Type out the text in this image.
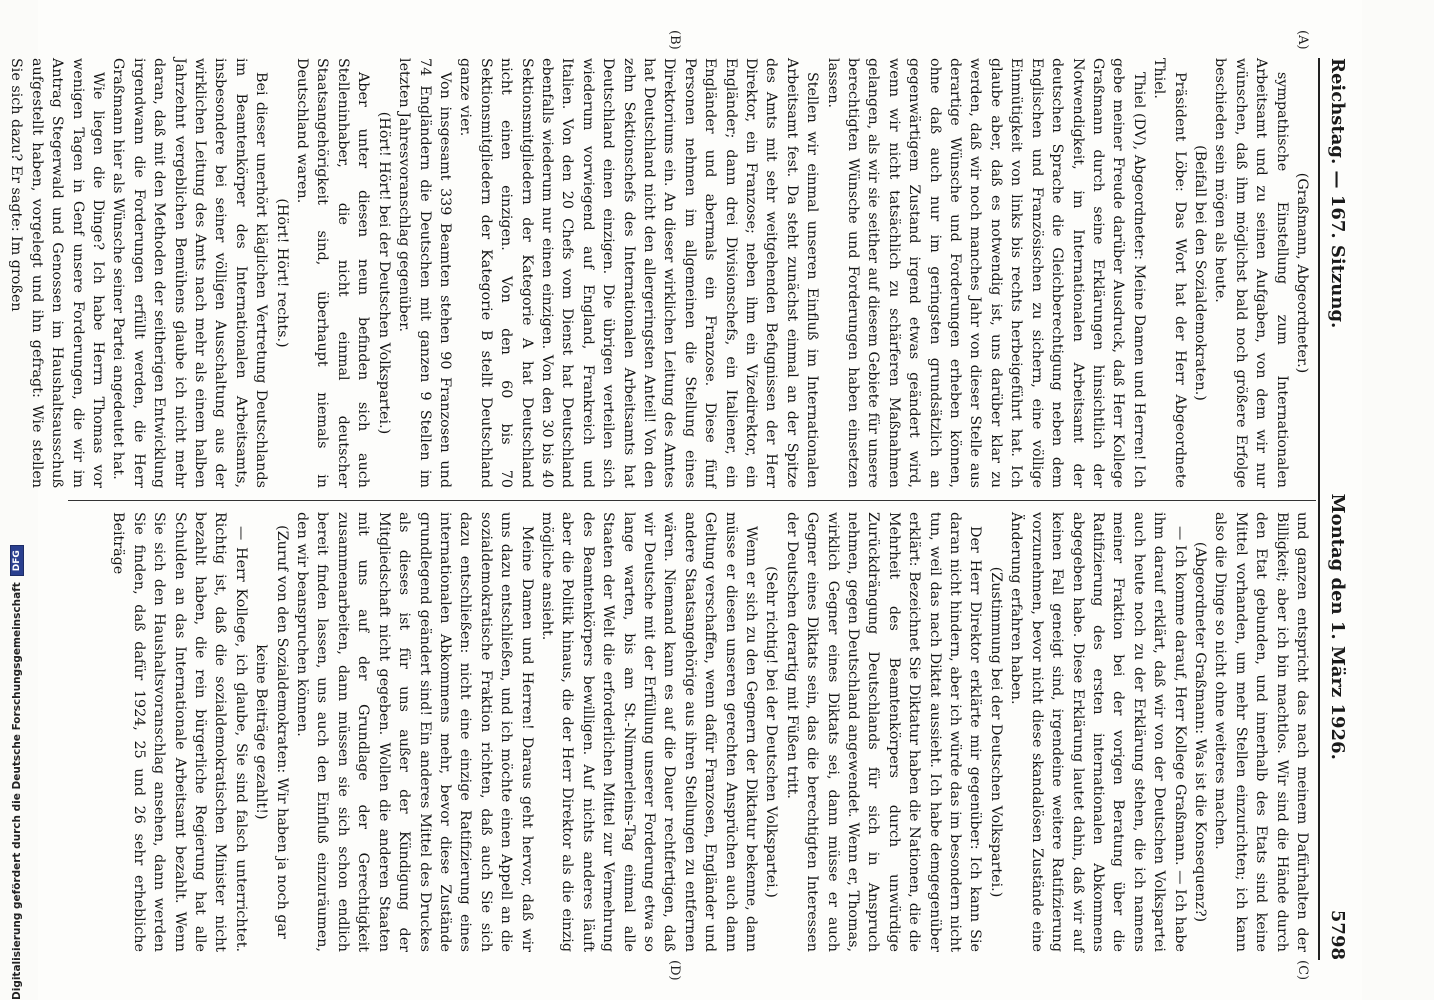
Reichstag. — 167. Sitzung.
Montag den 1. März 1926.5798
(A)
(B)
(C)
(D)

(Graßmann, Abgeordneter.)

sympathische Einstellung zum Internationalen Arbeitsamt und zu seinen Aufgaben, von dem wir nur wünschen, daß ihm möglichst bald noch größere Erfolge beschieden sein mögen als heute.

(Beifall bei den Sozialdemokraten.)

Präsident Löbe: Das Wort hat der Herr Abgeordnete Thiel.

Thiel (DV), Abgeordneter: Meine Damen und Herren! Ich gebe meiner Freude darüber Ausdruck, daß Herr Kollege Graßmann durch seine Erklärungen hinsichtlich der Notwendigkeit, im Internationalen Arbeitsamt der deutschen Sprache die Gleichberechtigung neben dem Englischen und Französischen zu sichern, eine völlige Einmütigkeit von links bis rechts herbeigeführt hat. Ich glaube aber, daß es notwendig ist, uns darüber klar zu werden, daß wir noch manches Jahr von dieser Stelle aus derartige Wünsche und Forderungen erheben können, ohne daß auch nur im geringsten grundsätzlich an gegenwärtigem Zustand irgend etwas geändert wird, wenn wir nicht tatsächlich zu schärferen Maßnahmen gelangen, als wir sie seither auf diesem Gebiete für unsere berechtigten Wünsche und Forderungen haben einsetzen lassen.

Stellen wir einmal unseren Einfluß im Internationalen Arbeitsamt fest. Da steht zunächst einmal an der Spitze des Amts mit sehr weitgehenden Befugnissen der Herr Direktor, ein Franzose; neben ihm ein Vizedirektor, ein Engländer; dann drei Divisionschefs, ein Italiener, ein Engländer und abermals ein Franzose. Diese fünf Personen nehmen im allgemeinen die Stellung eines Direktoriums ein. An dieser wirklichen Leitung des Amtes hat Deutschland nicht den allergeringsten Anteil! Von den zehn Sektionschefs des Internationalen Arbeitsamts hat Deutschland einen einzigen. Die übrigen verteilen sich wiederum vorwiegend auf England, Frankreich und Italien. Von den 20 Chefs vom Dienst hat Deutschland ebenfalls wiederum nur einen einzigen. Von den 30 bis 40 Sektionsmitgliedern der Kategorie A hat Deutschland nicht einen einzigen. Von den 60 bis 70 Sektionsmitgliedern der Kategorie B stellt Deutschland ganze vier.

Von insgesamt 339 Beamten stehen 90 Franzosen und 74 Engländern die Deutschen mit ganzen 9 Stellen im letzten Jahresvoranschlag gegenüber.

(Hört! Hört! bei der Deutschen Volkspartei.)

Aber unter diesen neun befinden sich auch Stelleninhaber, die nicht einmal deutscher Staatsangehörigkeit sind, überhaupt niemals in Deutschland waren.

(Hört! Hört! rechts.)

Bei dieser unerhört kläglichen Vertretung Deutschlands im Beamtenkörper des Internationalen Arbeitsamts, insbesondere bei seiner völligen Ausschaltung aus der wirklichen Leitung des Amts nach mehr als einem halben Jahrzehnt vergeblichen Bemühens glaube ich nicht mehr daran, daß mit den Methoden der seitherigen Entwicklung irgendwann die Forderungen erfüllt werden, die Herr Graßmann hier als Wünsche seiner Partei angedeutet hat.

Wie liegen die Dinge? Ich habe Herrn Thomas vor wenigen Tagen in Genf unsere Forderungen, die wir im Antrag Stegerwald und Genossen im Haushaltsausschuß aufgestellt haben, vorgelegt und ihn gefragt: Wie stellen Sie sich dazu? Er sagte: Im großen

und ganzen entspricht das nach meinem Dafürhalten der Billigkeit; aber ich bin machtlos. Wir sind die Hände durch den Etat gebunden, und innerhalb des Etats sind keine Mittel vorhanden, um mehr Stellen einzurichten; ich kann also die Dinge so nicht ohne weiteres machen.

(Abgeordneter Graßmann: Was ist die Konsequenz?)

— Ich komme darauf, Herr Kollege Graßmann. — Ich habe ihm darauf erklärt, daß wir von der Deutschen Volkspartei auch heute noch zu der Erklärung stehen, die ich namens meiner Fraktion bei der vorigen Beratung über die Ratifizierung des ersten internationalen Abkommens abgegeben habe. Diese Erklärung lautet dahin, daß wir auf keinen Fall geneigt sind, irgendeine weitere Ratifizierung vorzunehmen, bevor nicht diese skandalösen Zustände eine Änderung erfahren haben.

(Zustimmung bei der Deutschen Volkspartei.)

Der Herr Direktor erklärte mir gegenüber: Ich kann Sie daran nicht hindern, aber ich würde das im besondern nicht tun, weil das nach Diktat aussieht. Ich habe demgegenüber erklärt: Bezeichnet Sie Diktatur haben die Nationen, die die Mehrheit des Beamtenkörpers durch unwürdige Zurückdrängung Deutschlands für sich in Anspruch nehmen, gegen Deutschland angewendet. Wenn er, Thomas, wirklich Gegner eines Diktats sei, dann müsse er auch Gegner eines Diktats sein, das die berechtigten Interessen der Deutschen derartig mit Füßen tritt.

(Sehr richtig! bei der Deutschen Volkspartei.)

Wenn er sich zu den Gegnern der Diktatur bekenne, dann müsse er diesen unseren gerechten Ansprüchen auch dann Geltung verschaffen, wenn dafür Franzosen, Engländer und andere Staatsangehörige aus ihren Stellungen zu entfernen wären. Niemand kann es auf die Dauer rechtfertigen, daß wir Deutsche mit der Erfüllung unserer Forderung etwa so lange warten, bis am St.-Nimmerleins-Tag einmal alle Staaten der Welt die erforderlichen Mittel zur Vermehrung des Beamtenkörpers bewilligen. Auf nichts anderes läuft aber die Politik hinaus, die der Herr Direktor als die einzig mögliche ansieht.

Meine Damen und Herren! Daraus geht hervor, daß wir uns dazu entschließen, und ich möchte einen Appell an die sozialdemokratische Fraktion richten, daß auch Sie sich dazu entschließen: nicht eine einzige Ratifizierung eines internationalen Abkommens mehr, bevor diese Zustände grundlegend geändert sind! Ein anderes Mittel des Druckes als dieses ist für uns außer der Kündigung der Mitgliedschaft nicht gegeben. Wollen die anderen Staaten mit uns auf der Grundlage der Gerechtigkeit zusammenarbeiten, dann müssen sie sich schon endlich bereit finden lassen, uns auch den Einfluß einzuräumen, den wir beanspruchen können.

(Zuruf von den Sozialdemokraten: Wir haben ja noch gar keine Beiträge gezahlt!)

— Herr Kollege, ich glaube, Sie sind falsch unterrichtet. Richtig ist, daß die sozialdemokratischen Minister nicht bezahlt haben, die rein bürgerliche Regierung hat alle Schulden an das Internationale Arbeitsamt bezahlt. Wenn Sie sich den Haushaltsvoranschlag ansehen, dann werden Sie finden, daß dafür 1924, 25 und 26 sehr erhebliche Beiträge

Digitalisierung gefördert durch die Deutsche Forschungsgemeinschaft
DFG
